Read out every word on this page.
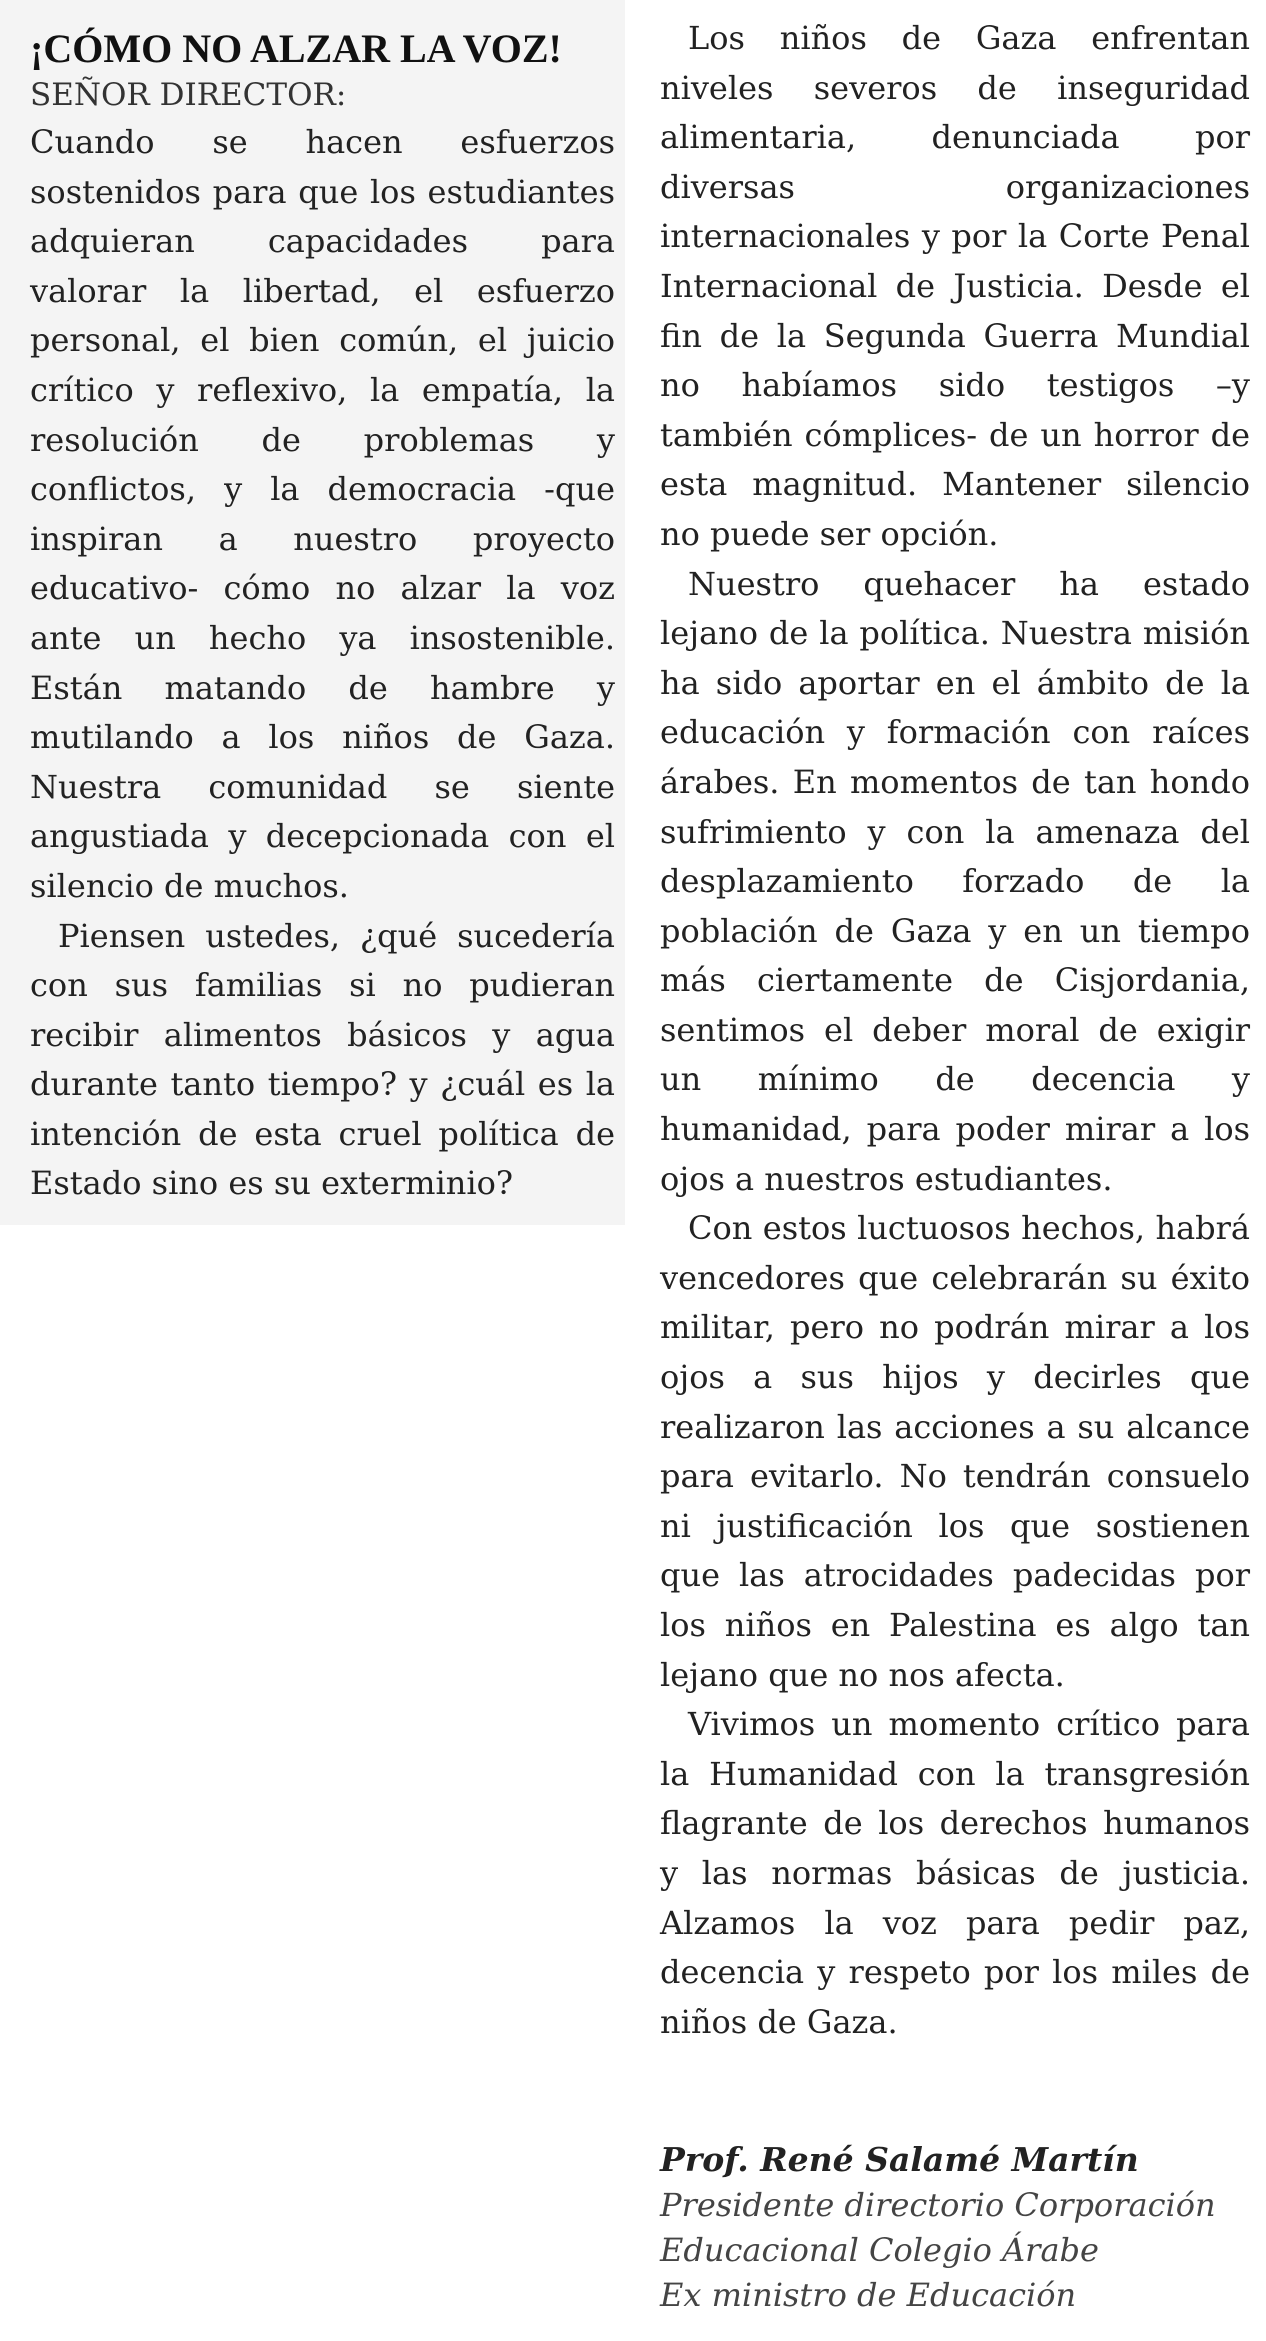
¡CÓMO NO ALZAR LA VOZ!

SEÑOR DIRECTOR:

Cuando se hacen esfuerzos sostenidos para que los estudiantes adquieran capacidades para valorar la libertad, el esfuerzo personal, el bien común, el juicio crítico y reflexivo, la empatía, la resolución de problemas y conflictos, y la democracia -que inspiran a nuestro proyecto educativo- cómo no alzar la voz ante un hecho ya insostenible. Están matando de hambre y mutilando a los niños de Gaza. Nuestra comunidad se siente angustiada y decepcionada con el silencio de muchos.

Piensen ustedes, ¿qué sucedería con sus familias si no pudieran recibir alimentos básicos y agua durante tanto tiempo? y ¿cuál es la intención de esta cruel política de Estado sino es su exterminio?

Los niños de Gaza enfrentan niveles severos de inseguridad alimentaria, denunciada por diversas organizaciones internacionales y por la Corte Penal Internacional de Justicia. Desde el fin de la Segunda Guerra Mundial no habíamos sido testigos –y también cómplices- de un horror de esta magnitud. Mantener silencio no puede ser opción.

Nuestro quehacer ha estado lejano de la política. Nuestra misión ha sido aportar en el ámbito de la educación y formación con raíces árabes. En momentos de tan hondo sufrimiento y con la amenaza del desplazamiento forzado de la población de Gaza y en un tiempo más ciertamente de Cisjordania, sentimos el deber moral de exigir un mínimo de decencia y humanidad, para poder mirar a los ojos a nuestros estudiantes.

Con estos luctuosos hechos, habrá vencedores que celebrarán su éxito militar, pero no podrán mirar a los ojos a sus hijos y decirles que realizaron las acciones a su alcance para evitarlo. No tendrán consuelo ni justificación los que sostienen que las atrocidades padecidas por los niños en Palestina es algo tan lejano que no nos afecta.

Vivimos un momento crítico para la Humanidad con la transgresión flagrante de los derechos humanos y las normas básicas de justicia. Alzamos la voz para pedir paz, decencia y respeto por los miles de niños de Gaza.

Prof. René Salamé Martín

Presidente directorio Corporación

Educacional Colegio Árabe

Ex ministro de Educación
